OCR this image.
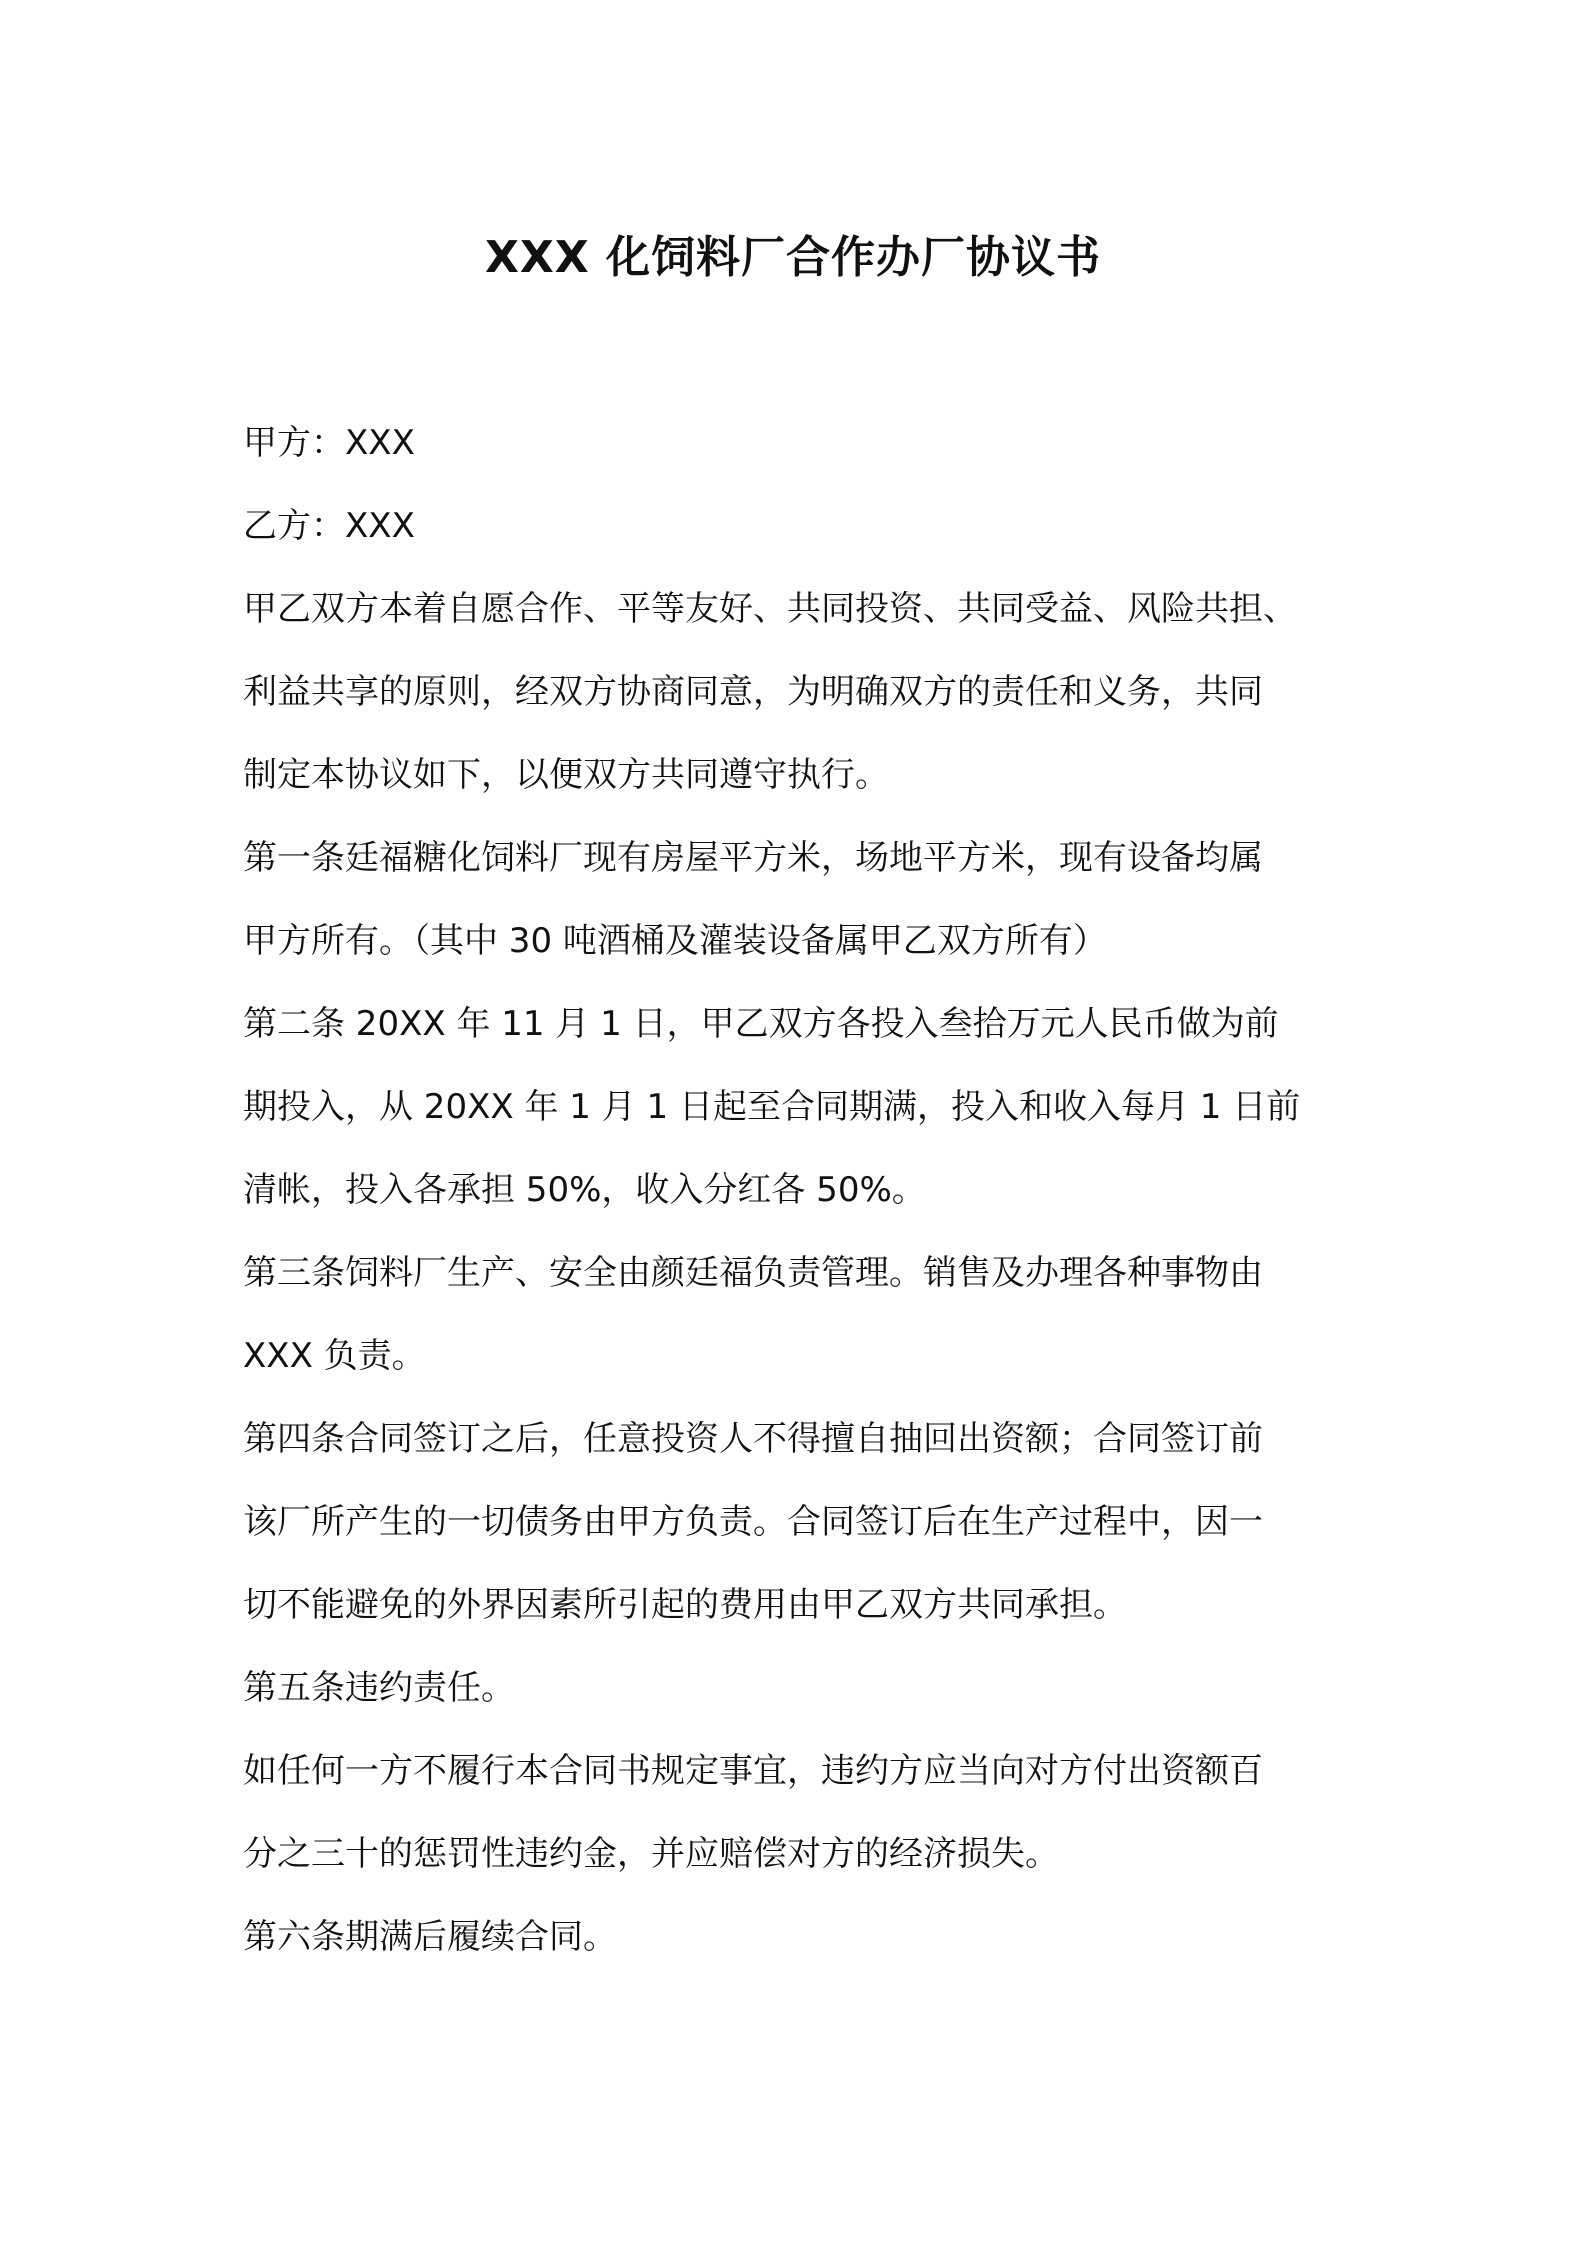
XXX 化饲料厂合作办厂协议书
甲方：XXX
乙方：XXX
甲乙双方本着自愿合作、平等友好、共同投资、共同受益、风险共担、
利益共享的原则，经双方协商同意，为明确双方的责任和义务，共同
制定本协议如下，以便双方共同遵守执行。
第一条廷福糖化饲料厂现有房屋平方米，场地平方米，现有设备均属
甲方所有。（其中 30 吨酒桶及灌装设备属甲乙双方所有）
第二条 20XX 年 11 月 1 日，甲乙双方各投入叁拾万元人民币做为前
期投入，从 20XX 年 1 月 1 日起至合同期满，投入和收入每月 1 日前
清帐，投入各承担 50%，收入分红各 50%。
第三条饲料厂生产、安全由颜廷福负责管理。销售及办理各种事物由
XXX 负责。
第四条合同签订之后，任意投资人不得擅自抽回出资额；合同签订前
该厂所产生的一切债务由甲方负责。合同签订后在生产过程中，因一
切不能避免的外界因素所引起的费用由甲乙双方共同承担。
第五条违约责任。
如任何一方不履行本合同书规定事宜，违约方应当向对方付出资额百
分之三十的惩罚性违约金，并应赔偿对方的经济损失。
第六条期满后履续合同。
